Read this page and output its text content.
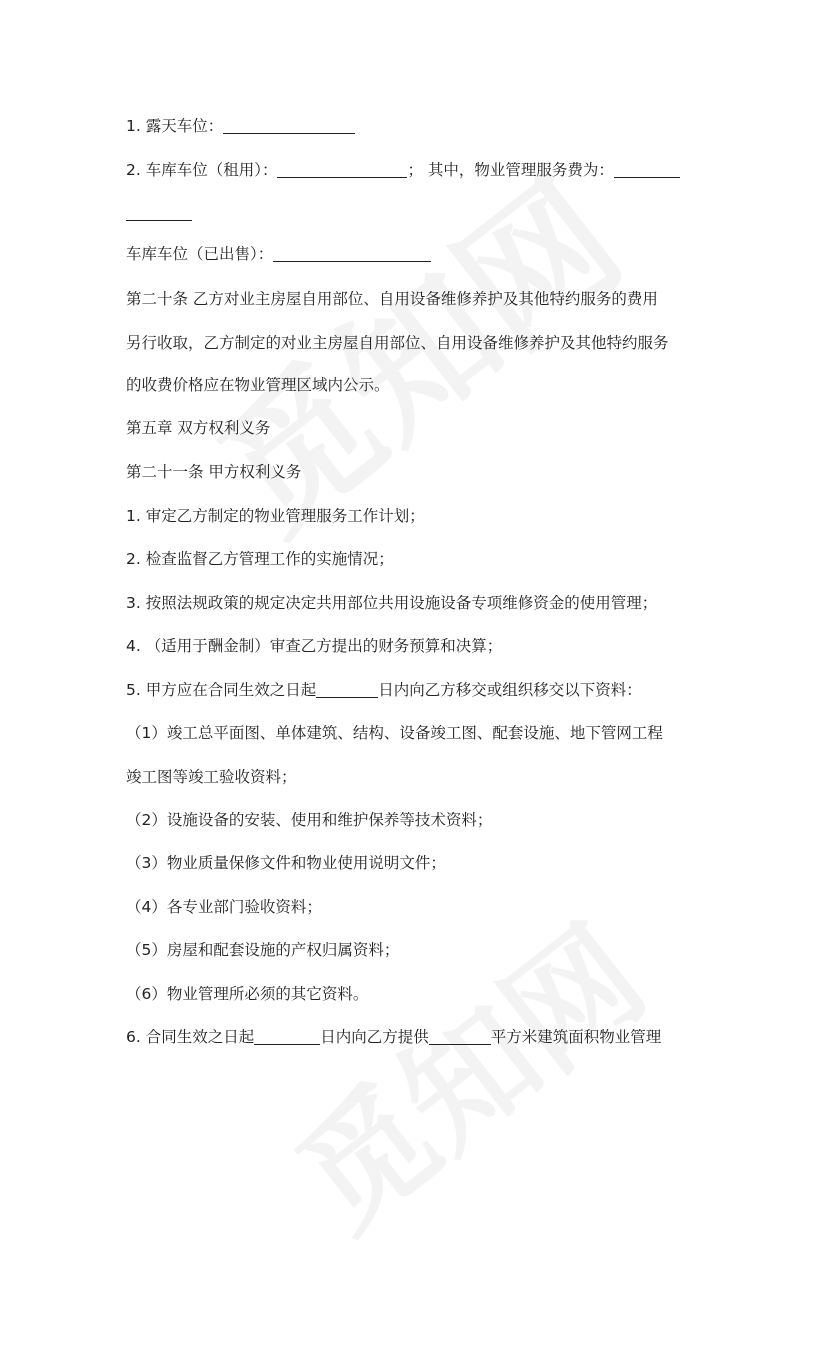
1. 露天车位：
2. 车库车位（租用）：	； 其中，物业管理服务费为：
车库车位（已出售）：
第二十条 乙方对业主房屋自用部位、自用设备维修养护及其他特约服务的费用
另行收取，乙方制定的对业主房屋自用部位、自用设备维修养护及其他特约服务
的收费价格应在物业管理区域内公示。
第五章 双方权利义务
第二十一条 甲方权利义务
1. 审定乙方制定的物业管理服务工作计划；
2. 检查监督乙方管理工作的实施情况；
3. 按照法规政策的规定决定共用部位共用设施设备专项维修资金的使用管理；
4. （适用于酬金制）审查乙方提出的财务预算和决算；
5. 甲方应在合同生效之日起	日内向乙方移交或组织移交以下资料：
（1）竣工总平面图、单体建筑、结构、设备竣工图、配套设施、地下管网工程
竣工图等竣工验收资料；
（2）设施设备的安装、使用和维护保养等技术资料；
（3）物业质量保修文件和物业使用说明文件；
（4）各专业部门验收资料；
（5）房屋和配套设施的产权归属资料；
（6）物业管理所必须的其它资料。
6. 合同生效之日起	日内向乙方提供	平方米建筑面积物业管理
